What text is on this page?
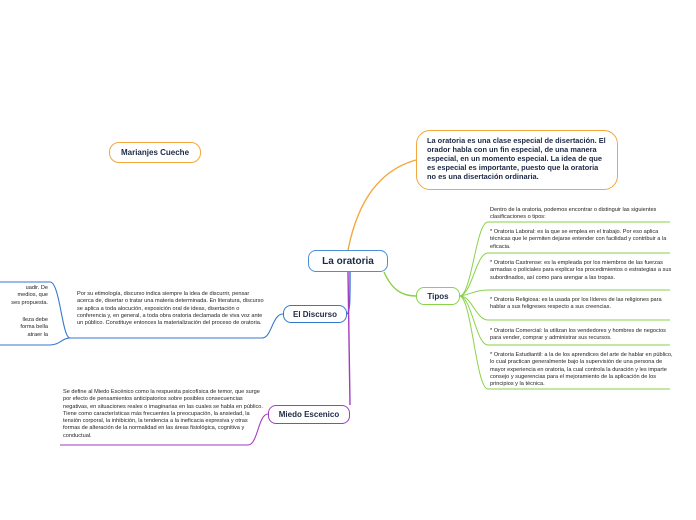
Marianjes Cueche
La oratoria
La oratoria es una clase especial de disertación. El orador habla con un fin especial, de una manera especial, en un momento especial. La idea de que es especial es importante, puesto que la oratoria no es una disertación ordinaria.
Tipos
Dentro de la oratoria, podemos encontrar o distinguir las siguientes clasificaciones o tipos:
* Oratoria Laboral: es la que se emplea en el trabajo. Por eso aplica técnicas que le permiten dejarse entender con facilidad y contribuir a la eficacia.
* Oratoria Castrense: es la empleada por los miembros de las fuerzas armadas o policiales para explicar los procedimientos o estrategias a sus subordinados, así como para arengar a las tropas.
* Oratoria Religiosa: es la usada por los líderes de las religiones para hablar a sus feligreses respecto a sus creencias.
* Oratoria Comercial: la utilizan los vendedores y hombres de negocios para vender, comprar y administrar sus recursos.
* Oratoria Estudiantil: a la de los aprendices del arte de hablar en público, lo cual practican generalmente bajo la supervisión de una persona de mayor experiencia en oratoria, la cual controla la duración y les imparte consejo y sugerencias para el mejoramiento de la aplicación de los principios y la técnica.
El Discurso
Por su etimología, discurso indica siempre la idea de discurrir, pensar acerca de, disertar o tratar una materia determinada. En literatura, discurso se aplica a toda alocución, exposición oral de ideas, disertación o conferencia y, en general, a toda obra oratoria declamada de viva voz ante un público. Constituye entonces la materialización del proceso de oratoria.
uadir. De
medios, que
ses propuesta.
lleza debe
forma bella
atraer la
Miedo Escenico
Se define al Miedo Escénico como la respuesta psicofísica de temor, que surge por efecto de pensamientos anticipatorios sobre posibles consecuencias negativas, en situaciones reales o imaginarias en las cuales se habla en público. Tiene como características más frecuentes la preocupación, la ansiedad, la tensión corporal, la inhibición, la tendencia a la ineficacia expresiva y otras formas de alteración de la normalidad en las áreas fisiológica, cognitiva y conductual.
